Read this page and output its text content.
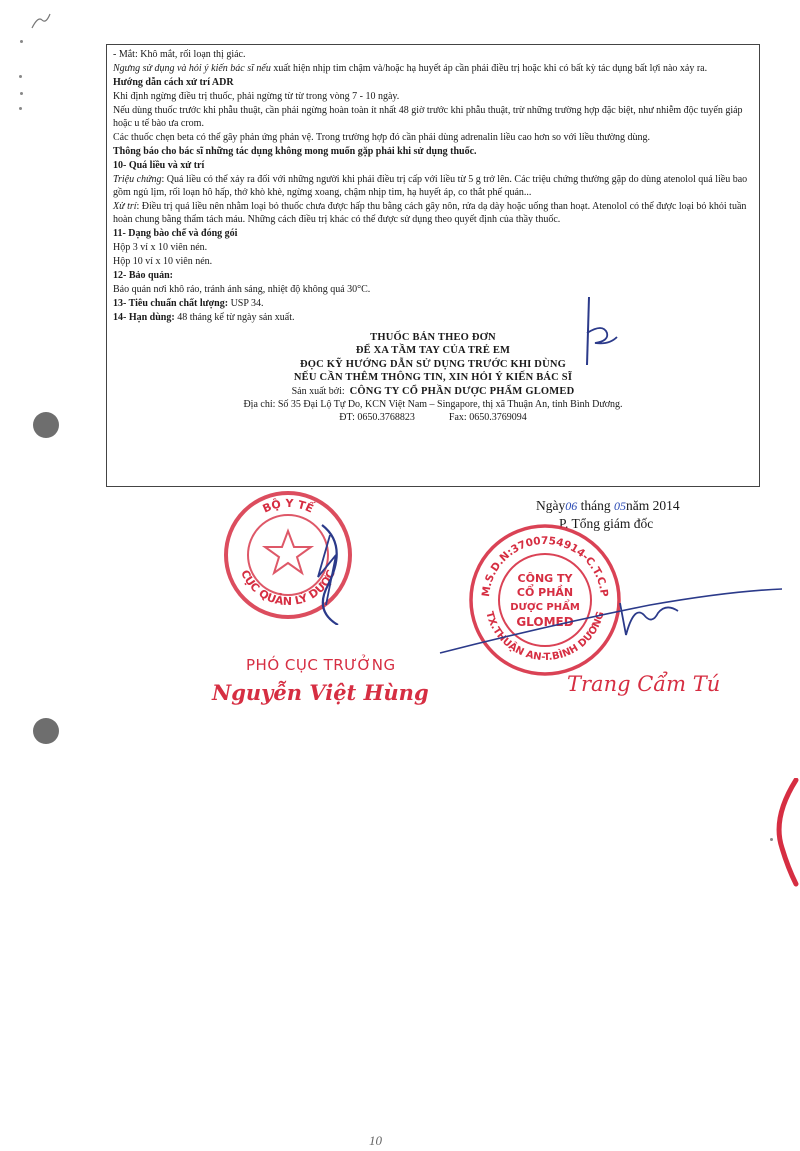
- Mắt: Khô mắt, rối loạn thị giác.

Ngưng sử dụng và hỏi ý kiến bác sĩ nếu xuất hiện nhịp tim chậm và/hoặc hạ huyết áp cần phải điều trị hoặc khi có bất kỳ tác dụng bất lợi nào xảy ra.

Hướng dẫn cách xử trí ADR

Khi định ngừng điều trị thuốc, phải ngừng từ từ trong vòng 7 - 10 ngày.

Nếu dùng thuốc trước khi phẫu thuật, cần phải ngừng hoàn toàn ít nhất 48 giờ trước khi phẫu thuật, trừ những trường hợp đặc biệt, như nhiễm độc tuyến giáp hoặc u tế bào ưa crom.

Các thuốc chẹn beta có thể gây phản ứng phản vệ. Trong trường hợp đó cần phải dùng adrenalin liều cao hơn so với liều thường dùng.

Thông báo cho bác sĩ những tác dụng không mong muốn gặp phải khi sử dụng thuốc.

10- Quá liều và xử trí

Triệu chứng: Quá liều có thể xảy ra đối với những người khi phải điều trị cấp với liều từ 5 g trở lên. Các triệu chứng thường gặp do dùng atenolol quá liều bao gồm ngủ lịm, rối loạn hô hấp, thở khò khè, ngừng xoang, chậm nhịp tim, hạ huyết áp, co thắt phế quản...

Xử trí: Điều trị quá liều nên nhằm loại bỏ thuốc chưa được hấp thu bằng cách gây nôn, rửa dạ dày hoặc uống than hoạt. Atenolol có thể được loại bỏ khỏi tuần hoàn chung bằng thẩm tách máu. Những cách điều trị khác có thể được sử dụng theo quyết định của thầy thuốc.

11- Dạng bào chế và đóng gói

Hộp 3 vỉ x 10 viên nén.

Hộp 10 vỉ x 10 viên nén.

12- Bảo quản:

Bảo quản nơi khô ráo, tránh ánh sáng, nhiệt độ không quá 30°C.

13- Tiêu chuẩn chất lượng: USP 34.

14- Hạn dùng: 48 tháng kể từ ngày sản xuất.

THUỐC BÁN THEO ĐƠN

ĐỂ XA TẦM TAY CỦA TRẺ EM

ĐỌC KỸ HƯỚNG DẪN SỬ DỤNG TRƯỚC KHI DÙNG

NẾU CẦN THÊM THÔNG TIN, XIN HỎI Ý KIẾN BÁC SĨ

Sản xuất bởi: CÔNG TY CỔ PHẦN DƯỢC PHẨM GLOMED

Địa chỉ: Số 35 Đại Lộ Tự Do, KCN Việt Nam – Singapore, thị xã Thuận An, tỉnh Bình Dương.

ĐT: 0650.3768823	Fax: 0650.3769094
Ngày06 tháng 05năm 2014
P. Tổng giám đốc
BỘ Y TẾ
CỤC QUẢN LÝ DƯỢC
PHÓ CỤC TRƯỞNG
Nguyễn Việt Hùng
M.S.D.N:3700754914-C.T.C.P
TX.THUẬN AN-T.BÌNH DƯƠNG
CÔNG TY
CỔ PHẦN
DƯỢC PHẨM
GLOMED
Trang Cẩm Tú
10
